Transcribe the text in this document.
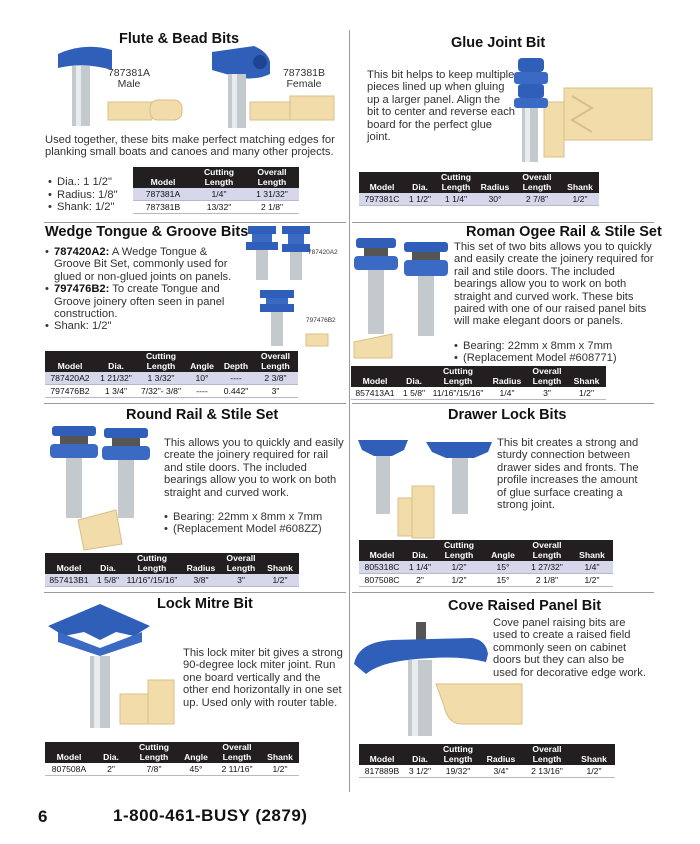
Flute & Bead Bits
787381A
Male
787381B
Female
Used together, these bits make perfect matching edges for planking small boats and canoes and many other projects.
• Dia.: 1 1/2"
• Radius: 1/8"
• Shank: 1/2"
Model	Cutting Length	Overall Length
787381A	1/4"	1 31/32"
787381B	13/32"	2 1/8"
Glue Joint Bit
This bit helps to keep multiple pieces lined up when gluing up a larger panel. Align the bit to center and reverse each board for the perfect glue joint.
Model	Dia.	Cutting Length	Radius	Overall Length	Shank
797381C	1 1/2"	1 1/4"	30°	2 7/8"	1/2"
Wedge Tongue & Groove Bits
• 787420A2: A Wedge Tongue & Groove Bit Set, commonly used for glued or non-glued joints on panels.
• 797476B2: To create Tongue and Groove joinery often seen in panel construction.
• Shank: 1/2"
787420A2
797476B2
Model	Dia.	Cutting Length	Angle	Depth	Overall Length
787420A2	1 21/32"	1 3/32"	10°	----	2 3/8"
797476B2	1 3/4"	7/32"- 3/8"	----	0.442"	3"
Roman Ogee Rail & Stile Set
This set of two bits allows you to quickly and easily create the joinery required for rail and stile doors. The included bearings allow you to work on both straight and curved work. These bits paired with one of our raised panel bits will make elegant doors or panels.
• Bearing: 22mm x 8mm x 7mm
• (Replacement Model #608771)
Model	Dia.	Cutting Length	Radius	Overall Length	Shank
857413A1	1 5/8"	11/16"/15/16"	1/4"	3"	1/2"
Round Rail & Stile Set
This allows you to quickly and easily create the joinery required for rail and stile doors. The included bearings allow you to work on both straight and curved work.
• Bearing: 22mm x 8mm x 7mm
• (Replacement Model #608ZZ)
Model	Dia.	Cutting Length	Radius	Overall Length	Shank
857413B1	1 5/8"	11/16"/15/16"	3/8"	3"	1/2"
Drawer Lock Bits
This bit creates a strong and sturdy connection between drawer sides and fronts. The profile increases the amount of glue surface creating a strong joint.
Model	Dia.	Cutting Length	Angle	Overall Length	Shank
805318C	1 1/4"	1/2"	15°	1 27/32"	1/4"
807508C	2"	1/2"	15°	2 1/8"	1/2"
Lock Mitre Bit
This lock miter bit gives a strong 90-degree lock miter joint. Run one board vertically and the other end horizontally in one set up. Used only with router table.
Model	Dia.	Cutting Length	Angle	Overall Length	Shank
807508A	2"	7/8"	45°	2 11/16"	1/2"
Cove Raised Panel Bit
Cove panel raising bits are used to create a raised field commonly seen on cabinet doors but they can also be used for decorative edge work.
Model	Dia.	Cutting Length	Radius	Overall Length	Shank
817889B	3 1/2"	19/32"	3/4"	2 13/16"	1/2"
6	1-800-461-BUSY (2879)
